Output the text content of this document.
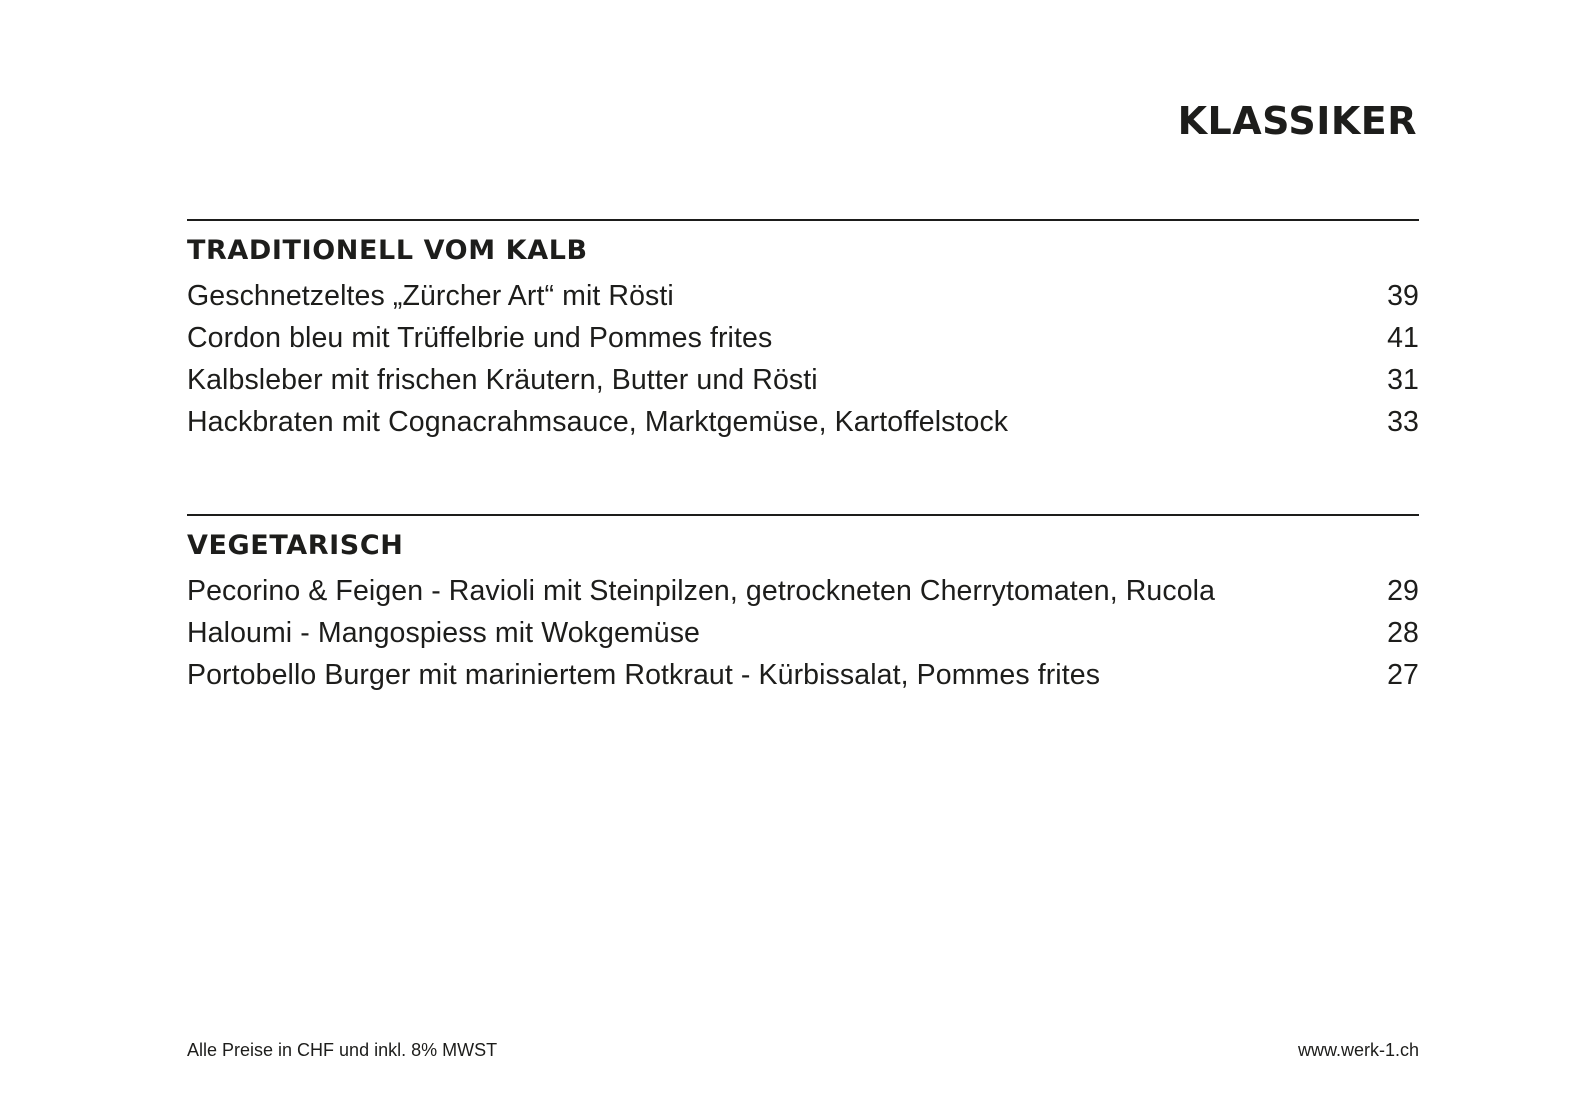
KLASSIKER
TRADITIONELL VOM KALB
Geschnetzeltes „Zürcher Art“ mit Rösti	39
Cordon bleu mit Trüffelbrie und Pommes frites	41
Kalbsleber mit frischen Kräutern, Butter und Rösti	31
Hackbraten mit Cognacrahmsauce, Marktgemüse, Kartoffelstock	33
VEGETARISCH
Pecorino & Feigen - Ravioli mit Steinpilzen, getrockneten Cherrytomaten, Rucola	29
Haloumi - Mangospiess mit Wokgemüse	28
Portobello Burger mit mariniertem Rotkraut - Kürbissalat, Pommes frites	27
Alle Preise in CHF und inkl. 8% MWST	www.werk-1.ch
